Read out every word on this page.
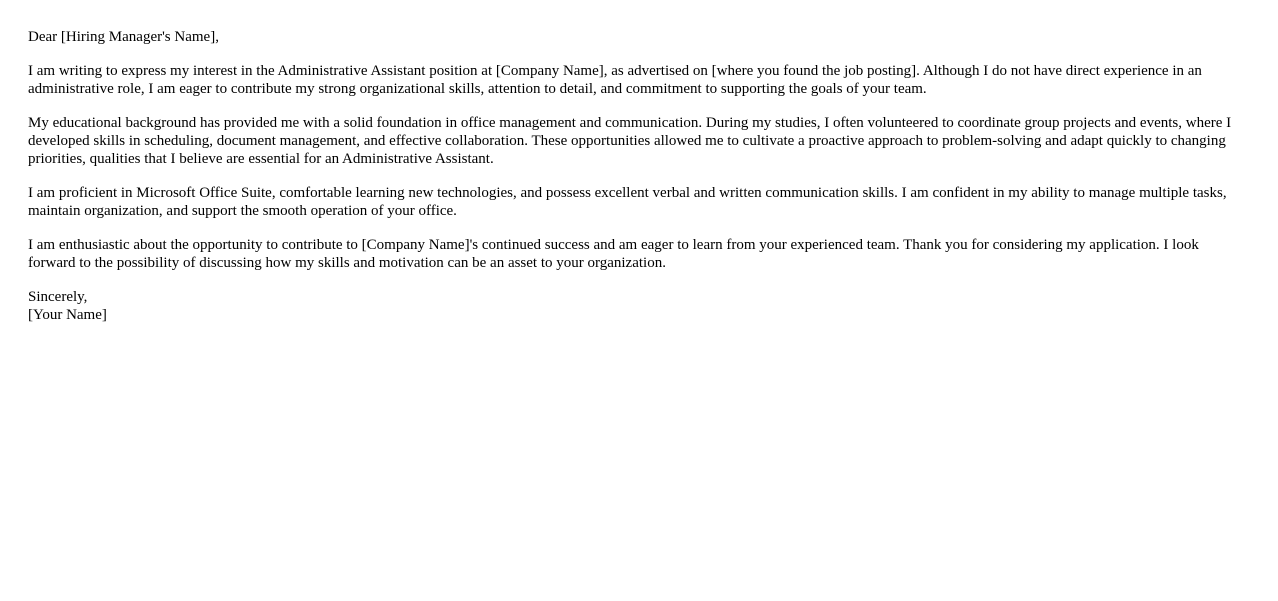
Dear [Hiring Manager's Name],

I am writing to express my interest in the Administrative Assistant position at [Company Name], as advertised on [where you found the job posting]. Although I do not have direct experience in an administrative role, I am eager to contribute my strong organizational skills, attention to detail, and commitment to supporting the goals of your team.

My educational background has provided me with a solid foundation in office management and communication. During my studies, I often volunteered to coordinate group projects and events, where I developed skills in scheduling, document management, and effective collaboration. These opportunities allowed me to cultivate a proactive approach to problem-solving and adapt quickly to changing priorities, qualities that I believe are essential for an Administrative Assistant.

I am proficient in Microsoft Office Suite, comfortable learning new technologies, and possess excellent verbal and written communication skills. I am confident in my ability to manage multiple tasks, maintain organization, and support the smooth operation of your office.

I am enthusiastic about the opportunity to contribute to [Company Name]'s continued success and am eager to learn from your experienced team. Thank you for considering my application. I look forward to the possibility of discussing how my skills and motivation can be an asset to your organization.

Sincerely,
[Your Name]
